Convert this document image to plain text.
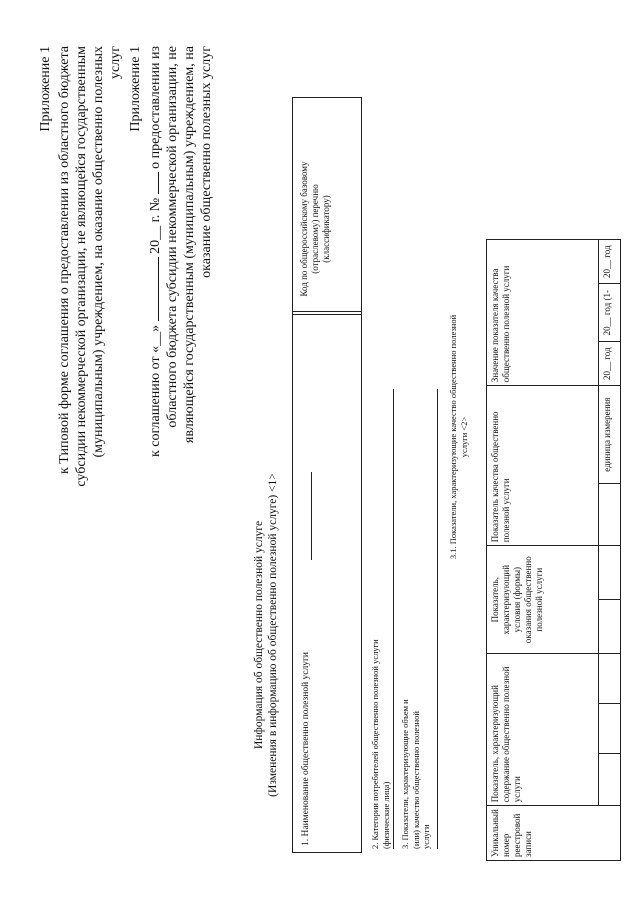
Приложение 1 к Типовой форме соглашения о предоставлении из областного бюджета субсидии некоммерческой организации, не являющейся государственным (муниципальным) учреждением, на оказание общественно полезных услуг Приложение 1
к соглашению от «__»  20__ г. №  о предоставлении из областного бюджета субсидии некоммерческой организации, не являющейся государственным (муниципальным) учреждением, на оказание общественно полезных услуг
Информация об общественно полезной услуге (Изменения в информацию об общественно полезной услуге) <1> 1. Наименование общественно полезной услуги
Код по общероссийскому базовому (отраслевому) перечню (классификатору)
2. Категории потребителей общественно полезной услуги (физические лица) 3. Показатели, характеризующие объем и (или) качество общественно полезной услуги
3.1. Показатели, характеризующие качество общественно полезной услуги <2>
Уникальный номер реестровой записи	Показатель, характеризующий содержание общественно полезной услуги			Показатель, характеризующий условия (формы) оказания общественно полезной услуги		Показатель качества общественно полезной услуги		Значение показателя качества общественно полезной услуги		
							единица измерения	20__ год	20__ год (1-	20__ год
